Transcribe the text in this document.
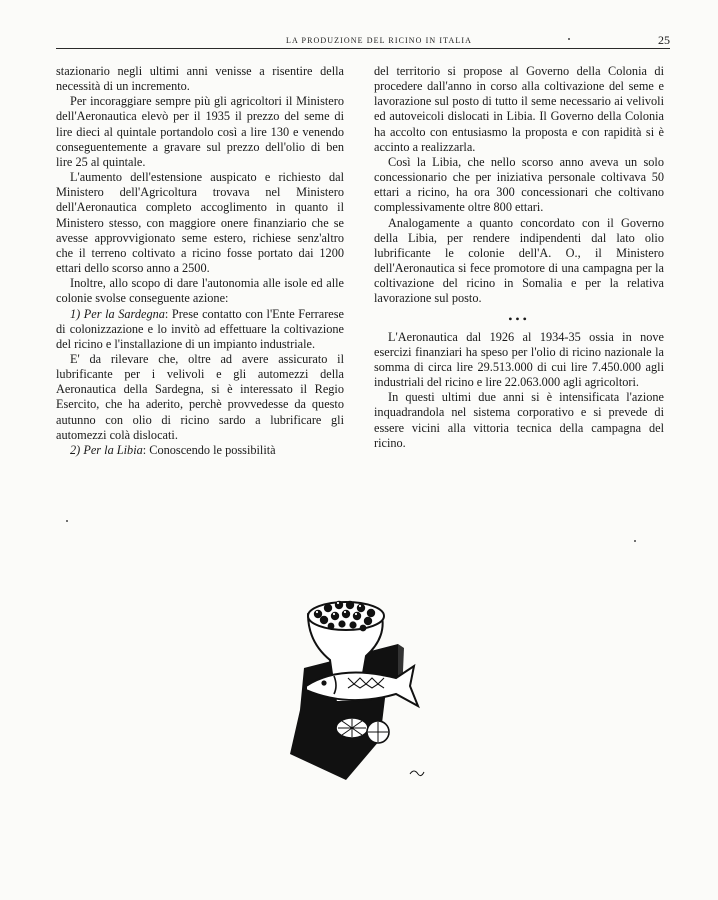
LA PRODUZIONE DEL RICINO IN ITALIA	25

stazionario negli ultimi anni venisse a risentire della necessità di un incremento.

Per incoraggiare sempre più gli agricoltori il Ministero dell'Aeronautica elevò per il 1935 il prezzo del seme di lire dieci al quintale portandolo così a lire 130 e venendo conseguentemente a gravare sul prezzo dell'olio di ben lire 25 al quintale.

L'aumento dell'estensione auspicato e richiesto dal Ministero dell'Agricoltura trovava nel Ministero dell'Aeronautica completo accoglimento in quanto il Ministero stesso, con maggiore onere finanziario che se avesse approvvigionato seme estero, richiese senz'altro che il terreno coltivato a ricino fosse portato dai 1200 ettari dello scorso anno a 2500.

Inoltre, allo scopo di dare l'autonomia alle isole ed alle colonie svolse conseguente azione:

1) Per la Sardegna: Prese contatto con l'Ente Ferrarese di colonizzazione e lo invitò ad effettuare la coltivazione del ricino e l'installazione di un impianto industriale.

E' da rilevare che, oltre ad avere assicurato il lubrificante per i velivoli e gli automezzi della Aeronautica della Sardegna, si è interessato il Regio Esercito, che ha aderito, perchè provvedesse da questo autunno con olio di ricino sardo a lubrificare gli automezzi colà dislocati.

2) Per la Libia: Conoscendo le possibilità

del territorio si propose al Governo della Colonia di procedere dall'anno in corso alla coltivazione del seme e lavorazione sul posto di tutto il seme necessario ai velivoli ed autoveicoli dislocati in Libia. Il Governo della Colonia ha accolto con entusiasmo la proposta e con rapidità si è accinto a realizzarla.

Così la Libia, che nello scorso anno aveva un solo concessionario che per iniziativa personale coltivava 50 ettari a ricino, ha ora 300 concessionari che coltivano complessivamente oltre 800 ettari.

Analogamente a quanto concordato con il Governo della Libia, per rendere indipendenti dal lato olio lubrificante le colonie dell'A. O., il Ministero dell'Aeronautica si fece promotore di una campagna per la coltivazione del ricino in Somalia e per la relativa lavorazione sul posto.

•••

L'Aeronautica dal 1926 al 1934-35 ossia in nove esercizi finanziari ha speso per l'olio di ricino nazionale la somma di circa lire 29.513.000 di cui lire 7.450.000 agli industriali del ricino e lire 22.063.000 agli agricoltori.

In questi ultimi due anni si è intensificata l'azione inquadrandola nel sistema corporativo e si prevede di essere vicini alla vittoria tecnica della campagna del ricino.
